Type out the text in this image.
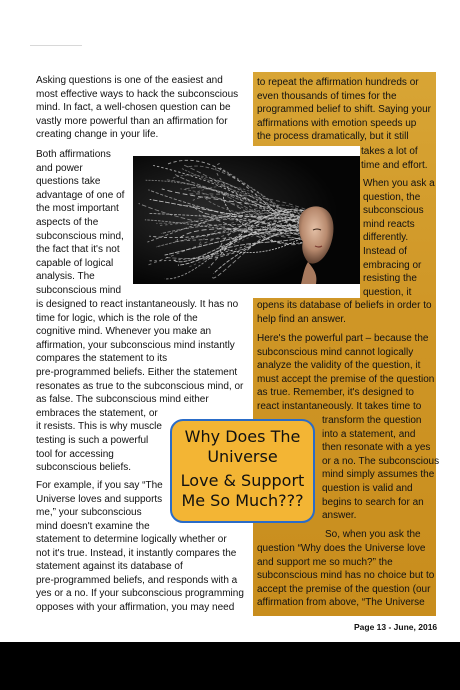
Asking questions is one of the easiest and
most effective ways to hack the subconscious
mind. In fact, a well-chosen question can be
vastly more powerful than an affirmation for
creating change in your life.
Both affirmations
and power
questions take
advantage of one of
the most important
aspects of the
subconscious mind,
the fact that it's not
capable of logical
analysis. The
subconscious mind
is designed to react instantaneously. It has no
time for logic, which is the role of the
cognitive mind. Whenever you make an
affirmation, your subconscious mind instantly
compares the statement to its
pre-programmed beliefs. Either the statement
resonates as true to the subconscious mind, or
as false. The subconscious mind either
embraces the statement, or
it resists. This is why muscle
testing is such a powerful
tool for accessing
subconscious beliefs.
For example, if you say “The
Universe loves and supports
me,” your subconscious
mind doesn't examine the
statement to determine logically whether or
not it's true. Instead, it instantly compares the
statement against its database of
pre-programmed beliefs, and responds with a
yes or a no. If your subconscious programming
opposes with your affirmation, you may need
to repeat the affirmation hundreds or
even thousands of times for the
programmed belief to shift. Saying your
affirmations with emotion speeds up
the process dramatically, but it still
takes a lot of
time and effort.
When you ask a
question, the
subconscious
mind reacts
differently.
Instead of
embracing or
resisting the
question, it
opens its database of beliefs in order to
help find an answer.
Here's the powerful part – because the
subconscious mind cannot logically
analyze the validity of the question, it
must accept the premise of the question
as true. Remember, it's designed to
react instantaneously. It takes time to
transform the question
into a statement, and
then resonate with a yes
or a no. The subconscious
mind simply assumes the
question is valid and
begins to search for an
answer.
So, when you ask the
question “Why does the Universe love
and support me so much?” the
subconscious mind has no choice but to
accept the premise of the question (our
affirmation from above, “The Universe
Why Does The
Universe
Love & Support
Me So Much???
Page 13 - June, 2016
